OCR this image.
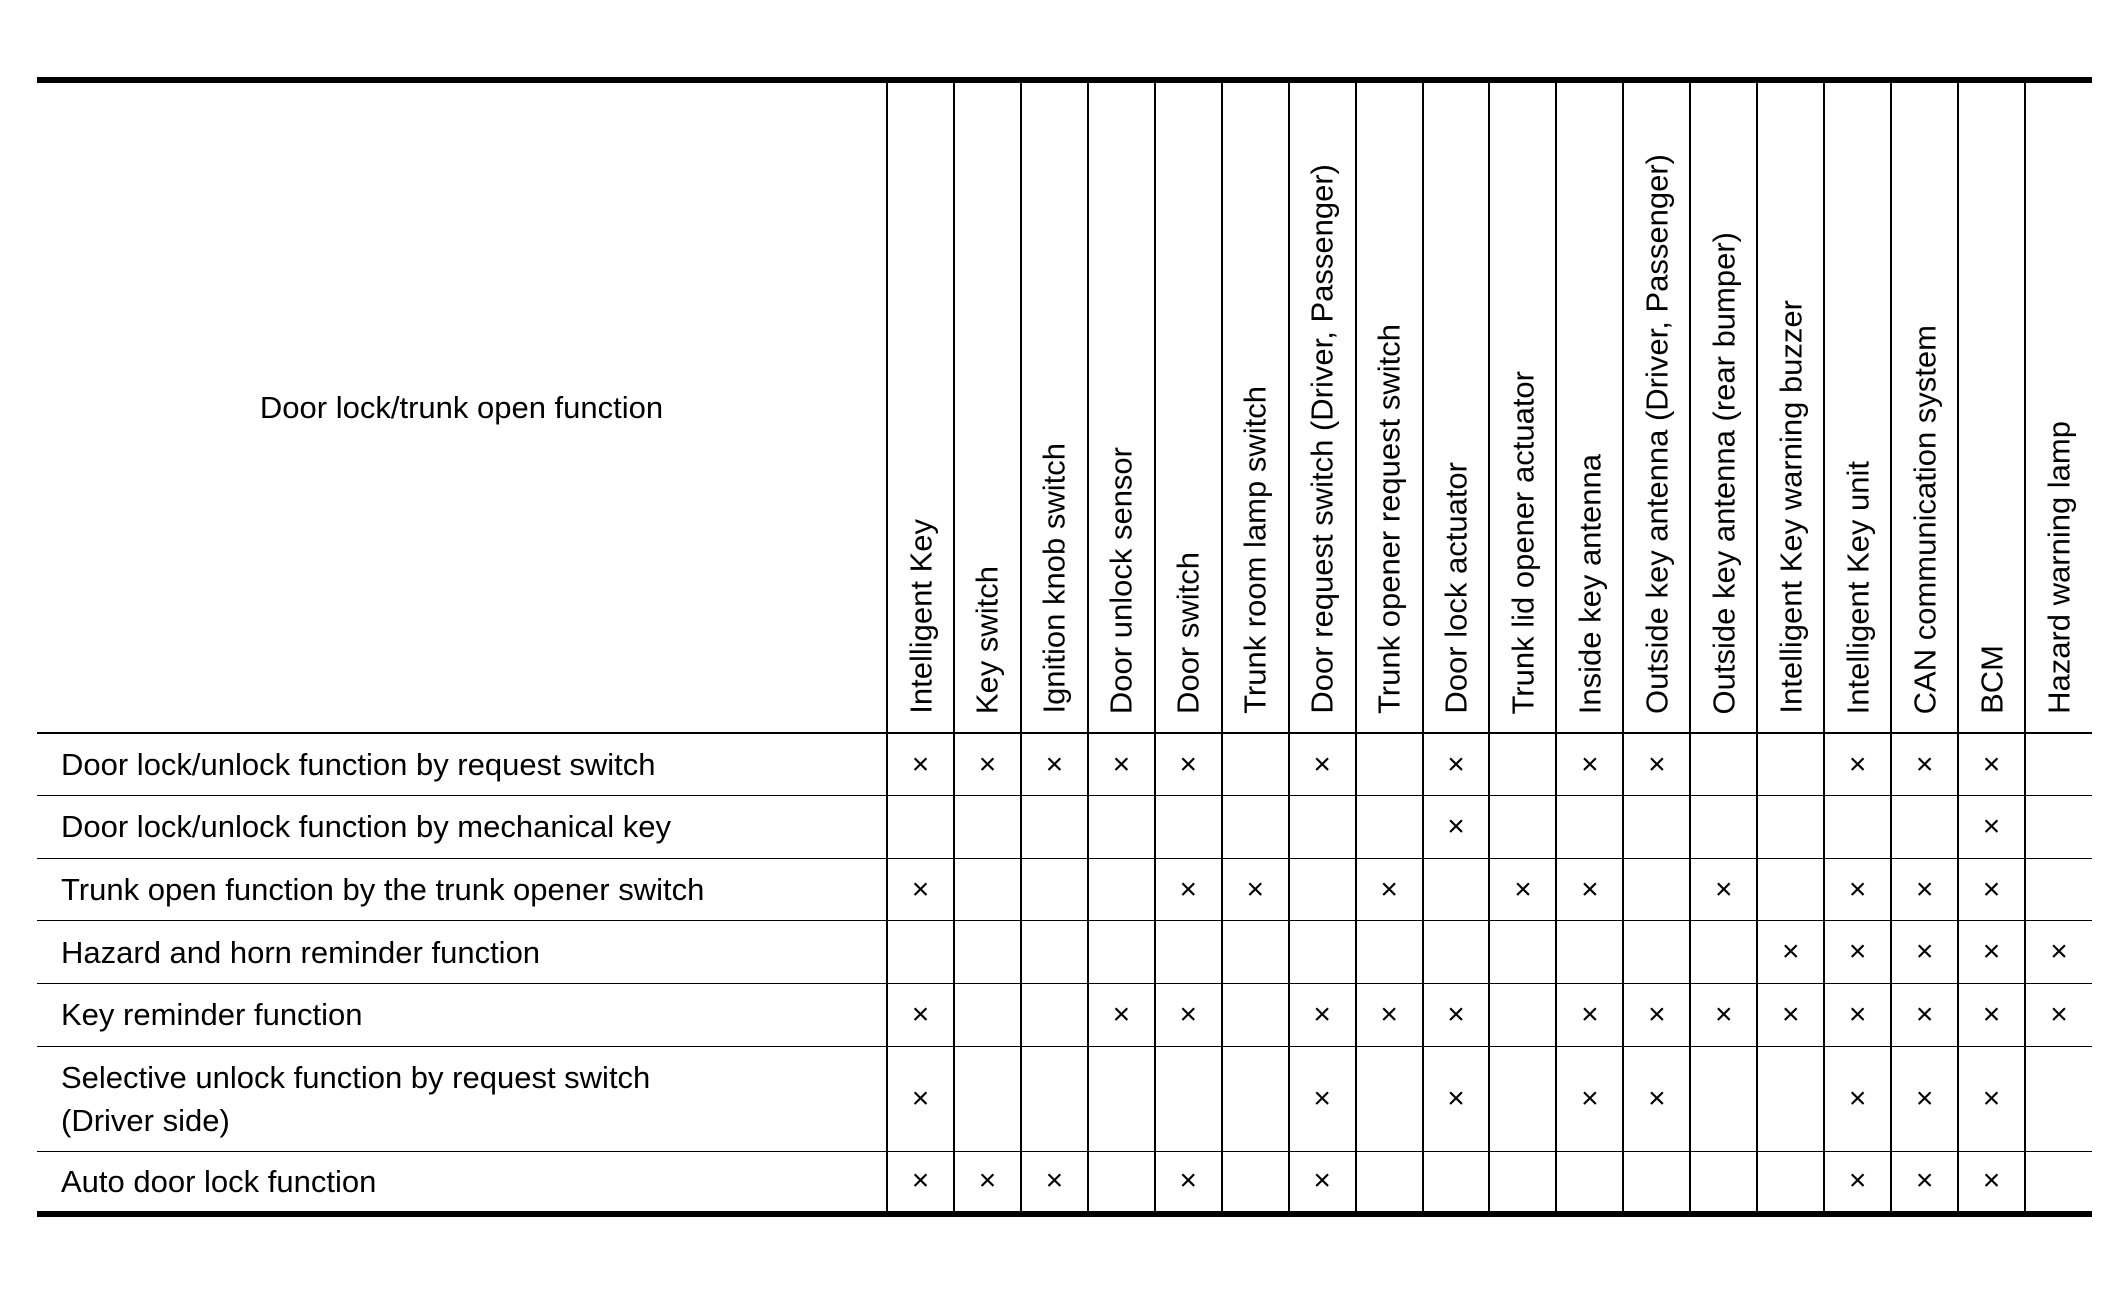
Door lock/trunk open function	Intelligent Key	Key switch	Ignition knob switch	Door unlock sensor	Door switch	Trunk room lamp switch	Door request switch (Driver, Passenger)	Trunk opener request switch	Door lock actuator	Trunk lid opener actuator	Inside key antenna	Outside key antenna (Driver, Passenger)	Outside key antenna (rear bumper)	Intelligent Key warning buzzer	Intelligent Key unit	CAN communication system	BCM	Hazard warning lamp

Door lock/unlock function by request switch	×	×	×	×	×		×		×		×	×			×	×	×	

Door lock/unlock function by mechanical key									×								×	

Trunk open function by the trunk opener switch	×				×	×		×		×	×		×		×	×	×	

Hazard and horn reminder function														×	×	×	×	×

Key reminder function	×			×	×		×	×	×		×	×	×	×	×	×	×	×

Selective unlock function by request switch
(Driver side)	×						×		×		×	×			×	×	×	

Auto door lock function	×	×	×		×		×								×	×	×	
